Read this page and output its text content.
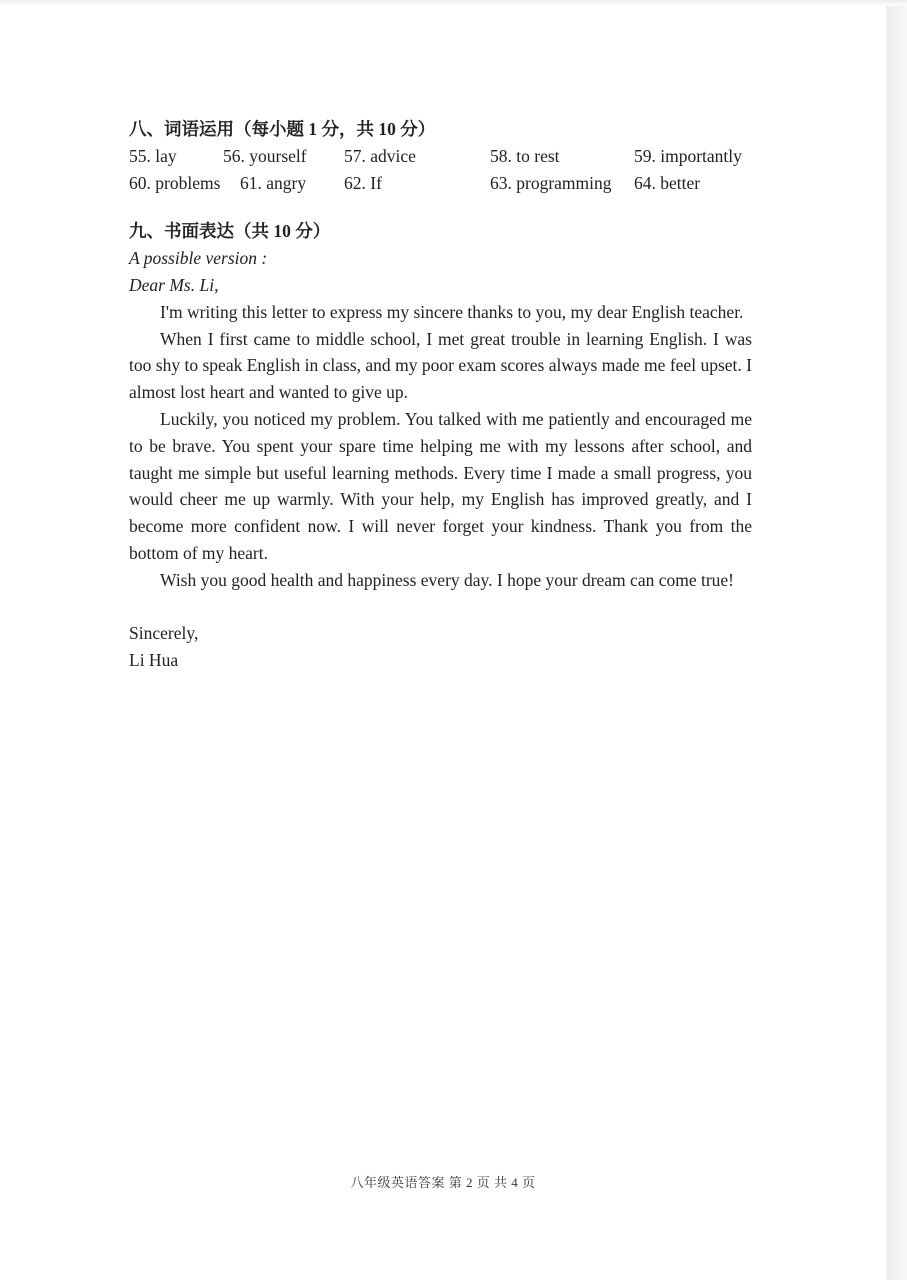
八、词语运用（每小题 1 分，共 10 分）
55. lay	56. yourself 57. advice	58. to rest	59. importantly
60. problems 61. angry 62. If	63. programming 64. better
九、书面表达（共 10 分）
A possible version :
Dear Ms. Li,

I'm writing this letter to express my sincere thanks to you, my dear English teacher.

When I first came to middle school, I met great trouble in learning English. I was too shy to speak English in class, and my poor exam scores always made me feel upset. I almost lost heart and wanted to give up.

Luckily, you noticed my problem. You talked with me patiently and encouraged me to be brave. You spent your spare time helping me with my lessons after school, and taught me simple but useful learning methods. Every time I made a small progress, you would cheer me up warmly. With your help, my English has improved greatly, and I become more confident now. I will never forget your kindness. Thank you from the bottom of my heart.

Wish you good health and happiness every day. I hope your dream can come true!

Sincerely,
Li Hua
八年级英语答案 第 2 页 共 4 页
